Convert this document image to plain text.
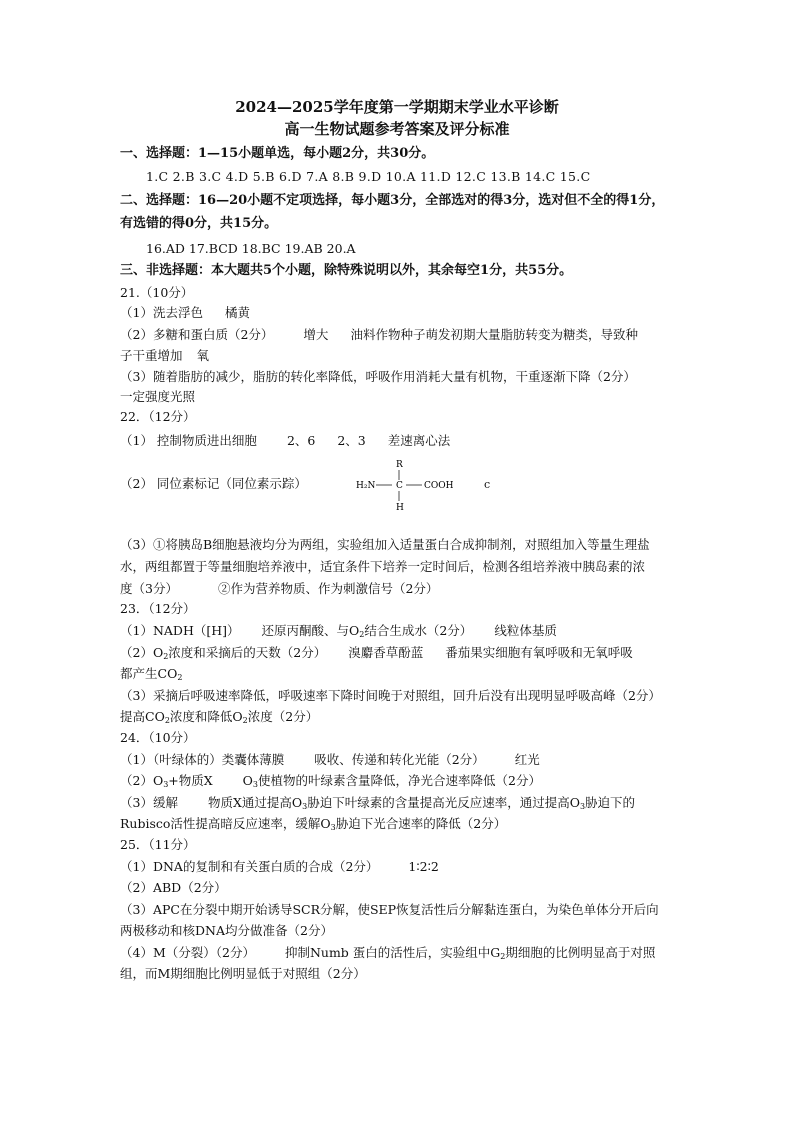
2024—2025学年度第一学期期末学业水平诊断
高一生物试题参考答案及评分标准
一、选择题：1—15小题单选，每小题2分，共30分。
1.C 2.B 3.C 4.D 5.B 6.D 7.A 8.B 9.D 10.A 11.D 12.C 13.B 14.C 15.C
二、选择题：16—20小题不定项选择，每小题3分，全部选对的得3分，选对但不全的得1分，
有选错的得0分，共15分。
16.AD 17.BCD 18.BC 19.AB 20.A
三、非选择题：本大题共5个小题，除特殊说明以外，其余每空1分，共55分。
21.（10分）
（1）洗去浮色 橘黄
（2）多糖和蛋白质（2分） 增大 油料作物种子萌发初期大量脂肪转变为糖类，导致种
子干重增加 氧
（3）随着脂肪的减少，脂肪的转化率降低，呼吸作用消耗大量有机物，干重逐渐下降（2分）
一定强度光照
22．（12分）
（1） 控制物质进出细胞 2、6 2、3 差速离心法
（2） 同位素标记（同位素示踪）
R
H₂N C COOH
H
c
（3）①将胰岛B细胞悬液均分为两组，实验组加入适量蛋白合成抑制剂，对照组加入等量生理盐
水，两组都置于等量细胞培养液中，适宜条件下培养一定时间后，检测各组培养液中胰岛素的浓
度（3分）	②作为营养物质、作为刺激信号（2分）
23．（12分）
（1）NADH（[H]） 还原丙酮酸、与$O_2$结合生成水（2分） 线粒体基质
$(2)O_2$浓度和采摘后的天数（2分） 溴麝香草酚蓝 番茄果实细胞有氧呼吸和无氧呼吸
都产生$CO_2$
（3）采摘后呼吸速率降低，呼吸速率下降时间晚于对照组，回升后没有出现明显呼吸高峰（2分）
提高$CO_2$浓度和降低$O_2$浓度（2分）
24．（10分）
（1）（叶绿体的）类囊体薄膜 吸收、传递和转化光能（2分） 红光
$(2)O_3+$物质X $O_3$使植物的叶绿素含量降低，净光合速率降低（2分）
（3）缓解 物质X通过提高$O_3$胁迫下叶绿素的含量提高光反应速率，通过提高$O_3$胁迫下的
Rubisco活性提高暗反应速率，缓解$O_3$胁迫下光合速率的降低（2分）
25．（11分）
（1）DNA的复制和有关蛋白质的合成（2分） 1∶2∶2
（2）ABD（2分）
（3）APC在分裂中期开始诱导SCR分解，使SEP恢复活性后分解黏连蛋白，为染色单体分开后向
两极移动和核DNA均分做准备（2分）
（4）M（分裂）（2分） 抑制Numb 蛋白的活性后，实验组中$G_2$期细胞的比例明显高于对照
组，而M期细胞比例明显低于对照组（2分）
